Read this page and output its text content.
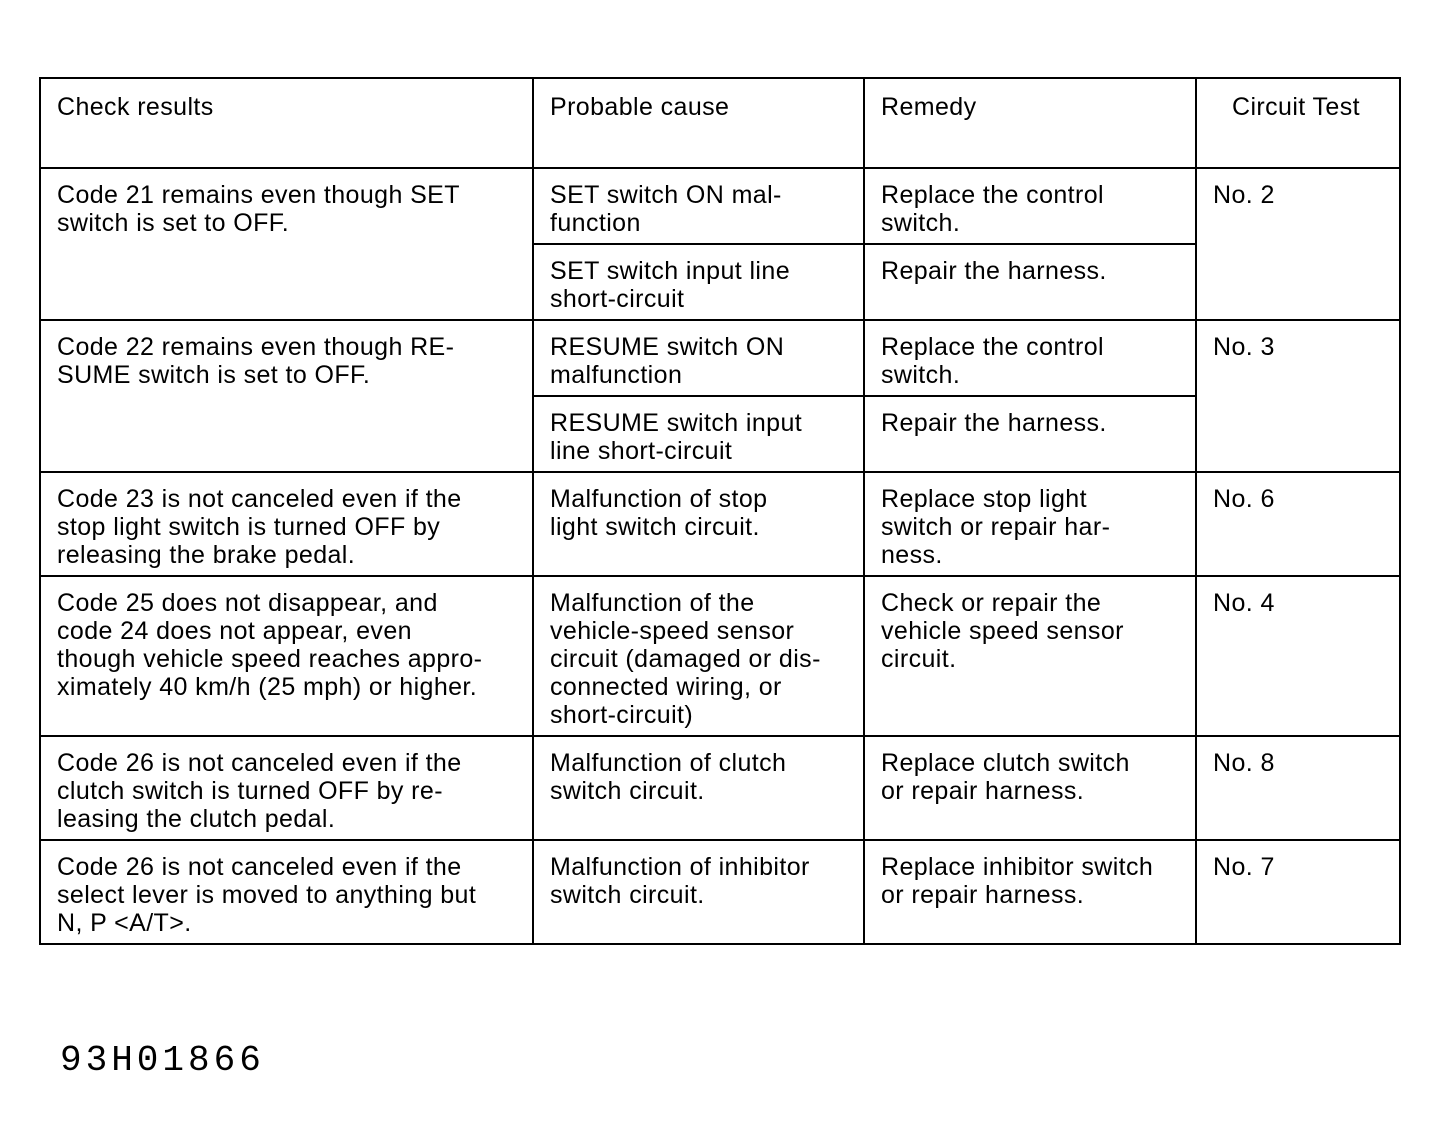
Check results	Probable cause	Remedy	Circuit Test
Code 21 remains even though SET
switch is set to OFF.	SET switch ON mal-
function	Replace the control
switch.	No. 2
	SET switch input line
short-circuit	Repair the harness.	
Code 22 remains even though RE-
SUME switch is set to OFF.	RESUME switch ON
malfunction	Replace the control
switch.	No. 3
	RESUME switch input
line short-circuit	Repair the harness.	
Code 23 is not canceled even if the
stop light switch is turned OFF by
releasing the brake pedal.	Malfunction of stop
light switch circuit.	Replace stop light
switch or repair har-
ness.	No. 6
Code 25 does not disappear, and
code 24 does not appear, even
though vehicle speed reaches appro-
ximately 40 km/h (25 mph) or higher.	Malfunction of the
vehicle-speed sensor
circuit (damaged or dis-
connected wiring, or
short-circuit)	Check or repair the
vehicle speed sensor
circuit.	No. 4
Code 26 is not canceled even if the
clutch switch is turned OFF by re-
leasing the clutch pedal.	Malfunction of clutch
switch circuit.	Replace clutch switch
or repair harness.	No. 8
Code 26 is not canceled even if the
select lever is moved to anything but
N, P <A/T>.	Malfunction of inhibitor
switch circuit.	Replace inhibitor switch
or repair harness.	No. 7
93H01866
